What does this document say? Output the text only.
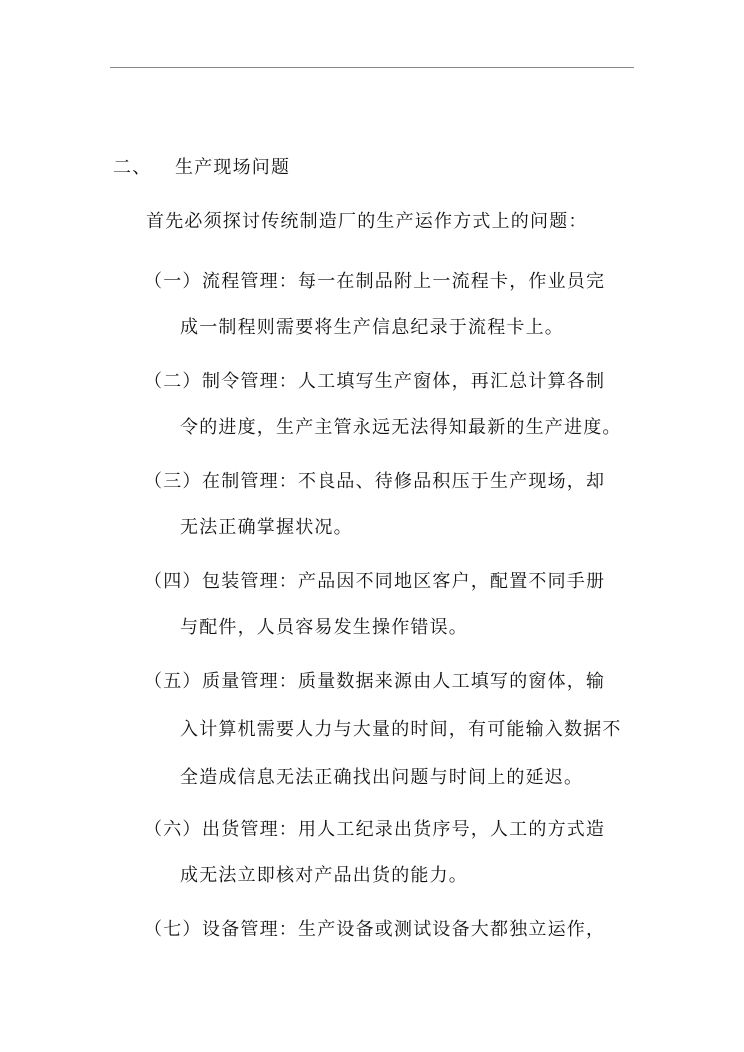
二、 生产现场问题
首先必须探讨传统制造厂的生产运作方式上的问题：
（一）流程管理：每一在制品附上一流程卡，作业员完
成一制程则需要将生产信息纪录于流程卡上。
（二）制令管理：人工填写生产窗体，再汇总计算各制
令的进度，生产主管永远无法得知最新的生产进度。
（三）在制管理：不良品、待修品积压于生产现场，却
无法正确掌握状况。
（四）包装管理：产品因不同地区客户，配置不同手册
与配件，人员容易发生操作错误。
（五）质量管理：质量数据来源由人工填写的窗体，输
入计算机需要人力与大量的时间，有可能输入数据不
全造成信息无法正确找出问题与时间上的延迟。
（六）出货管理：用人工纪录出货序号，人工的方式造
成无法立即核对产品出货的能力。
（七）设备管理：生产设备或测试设备大都独立运作，
